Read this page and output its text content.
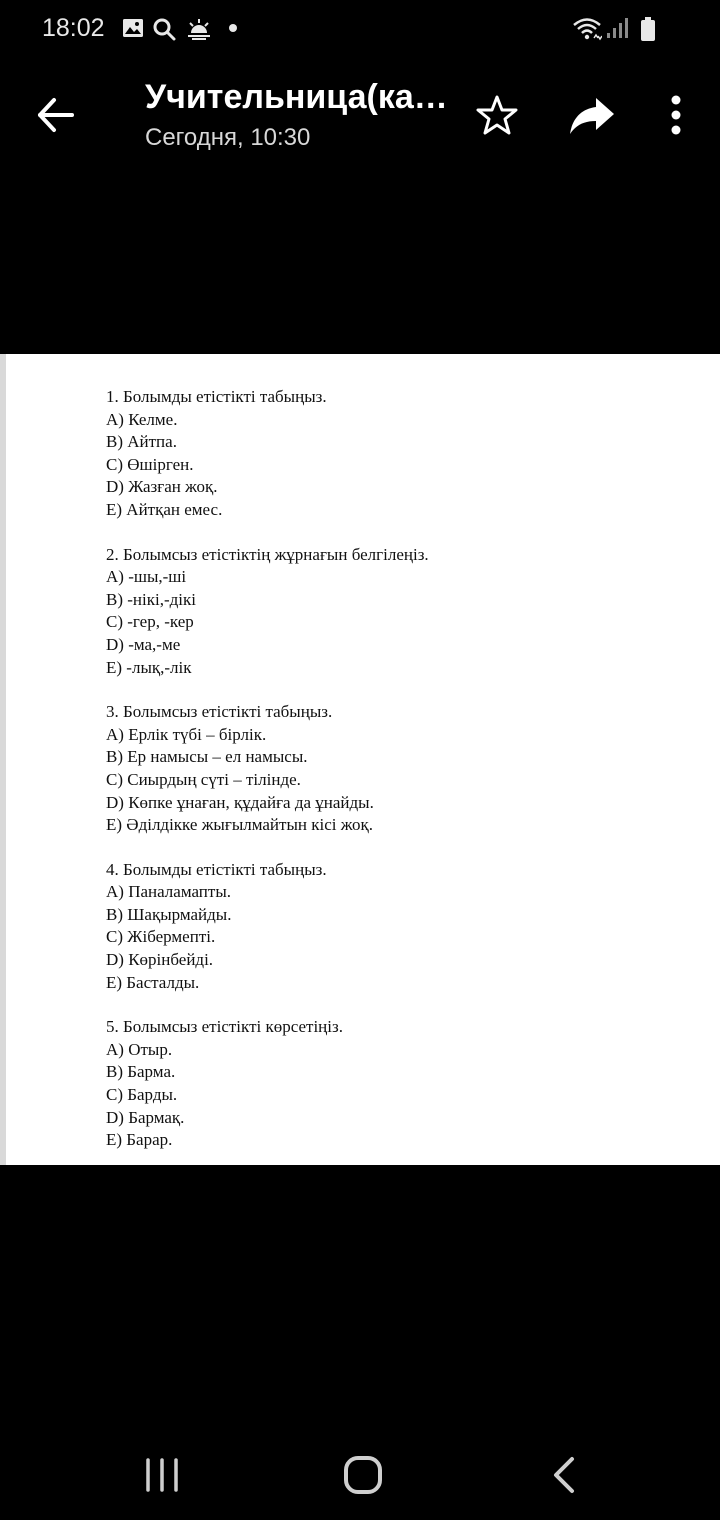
18:02
Учительница(ка…
Сегодня, 10:30
1. Болымды етістікті табыңыз.
A) Келме.
B) Айтпа.
C) Өшірген.
D) Жазған жоқ.
E) Айтқан емес.
2. Болымсыз етістіктің жұрнағын белгілеңіз.
A) -шы,-ші
B) -нікі,-дікі
C) -гер, -кер
D) -ма,-ме
E) -лық,-лік
3. Болымсыз етістікті табыңыз.
A) Ерлік түбі – бірлік.
B) Ер намысы – ел намысы.
C) Сиырдың сүті – тілінде.
D) Көпке ұнаған, құдайға да ұнайды.
E) Әділдікке жығылмайтын кісі жоқ.
4. Болымды етістікті табыңыз.
A) Паналамапты.
B) Шақырмайды.
C) Жібермепті.
D) Көрінбейді.
E) Басталды.
5. Болымсыз етістікті көрсетіңіз.
A) Отыр.
B) Барма.
C) Барды.
D) Бармақ.
E) Барар.
